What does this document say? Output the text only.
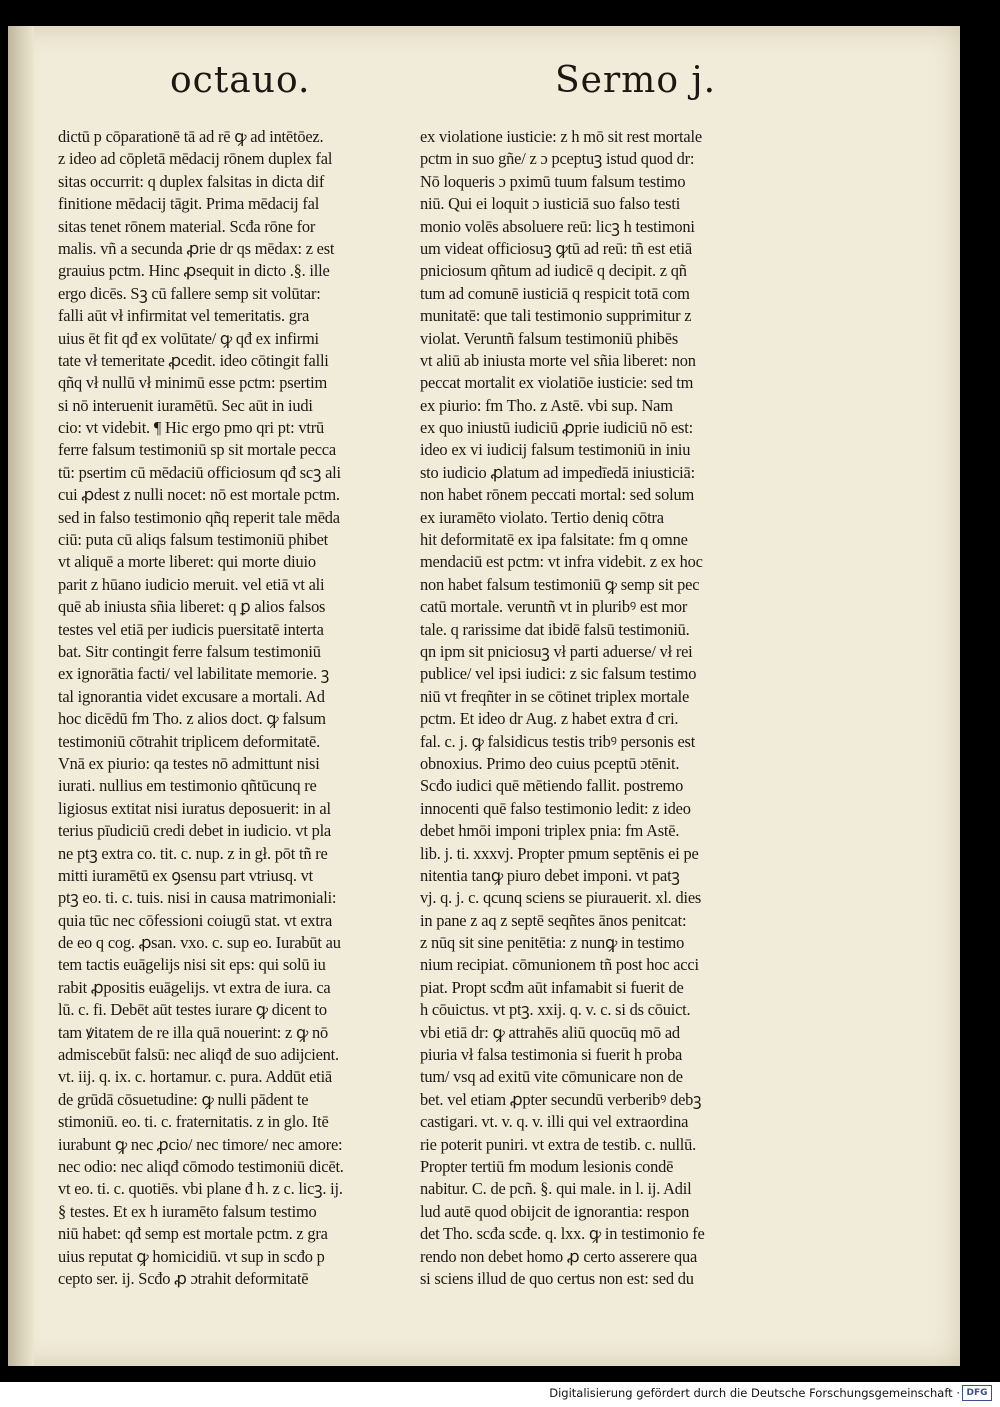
octauo.	Sermo j.
dictū p cōparationē tā ad rē ꝙ ad intētōez.
z ideo ad cōpletā mēdacij rōnem duplex fal
sitas occurrit: q duplex falsitas in dicta dif
finitione mēdacij tāgit. Prima mēdacij fal
sitas tenet rōnem material. Scđa rōne for
malis. vñ a secunda ꝓrie dr qs mēdax: z est
grauius pctm. Hinc ꝓsequit in dicto .§. ille
ergo dicēs. Sꝫ cū fallere semp sit volūtar:
falli aūt vł infirmitat vel temeritatis. gra
uius ēt fit qđ ex volūtate/ ꝙ qđ ex infirmi
tate vł temeritate ꝓcedit. ideo cōtingit falli
qñq vł nullū vł minimū esse pctm: psertim
si nō interuenit iuramētū. Sec aūt in iudi
cio: vt videbit. ¶ Hic ergo pmo qri pt: vtrū
ferre falsum testimoniū sp sit mortale pecca
tū: psertim cū mēdaciū officiosum qđ scꝫ ali
cui ꝓdest z nulli nocet: nō est mortale pctm.
sed in falso testimonio qñq reperit tale mēda
ciū: puta cū aliqs falsum testimoniū phibet
vt aliquē a morte liberet: qui morte diuio
parit z hūano iudicio meruit. vel etiā vt ali
quē ab iniusta sñia liberet: q ꝑ alios falsos
testes vel etiā per iudicis puersitatē interta
bat. Sitr contingit ferre falsum testimoniū
ex ignorātia facti/ vel labilitate memorie. ꝫ
tal ignorantia videt excusare a mortali. Ad
hoc dicēdū fm Tho. z alios doct. ꝙ falsum
testimoniū cōtrahit triplicem deformitatē.
Vnā ex piurio: qa testes nō admittunt nisi
iurati. nullius em testimonio qñtūcunq re
ligiosus extitat nisi iuratus deposuerit: in al
terius pīudiciū credi debet in iudicio. vt pla
ne ptꝫ extra co. tit. c. nup. z in gł. pōt tñ re
mitti iuramētū ex ꝯsensu part vtriusq. vt
ptꝫ eo. ti. c. tuis. nisi in causa matrimoniali:
quia tūc nec cōfessioni coiugū stat. vt extra
de eo q cog. ꝓsan. vxo. c. sup eo. Iurabūt au
tem tactis euāgelijs nisi sit eps: qui solū iu
rabit ꝓpositis euāgelijs. vt extra de iura. ca
lū. c. fi. Debēt aūt testes iurare ꝙ dicent to
tam ꝟitatem de re illa quā nouerint: z ꝙ nō
admiscebūt falsū: nec aliqđ de suo adijcient.
vt. iij. q. ix. c. hortamur. c. pura. Addūt etiā
de grūdā cōsuetudine: ꝙ nulli pādent te
stimoniū. eo. ti. c. fraternitatis. z in glo. Itē
iurabunt ꝙ nec ꝓcio/ nec timore/ nec amore:
nec odio: nec aliqđ cōmodo testimoniū dicēt.
vt eo. ti. c. quotiēs. vbi plane đ h. z c. licꝫ. ij.
§ testes. Et ex h iuramēto falsum testimo
niū habet: qđ semp est mortale pctm. z gra
uius reputat ꝙ homicidiū. vt sup in scđo p
cepto ser. ij. Scđo ꝓ ɔtrahit deformitatē
ex violatione iusticie: z h mō sit rest mortale
pctm in suo gñe/ z ɔ pceptuꝫ istud quod dr:
Nō loqueris ɔ pximū tuum falsum testimo
niū. Qui ei loquit ɔ iusticiā suo falso testi
monio volēs absoluere reū: licꝫ h testimoni
um videat officiosuꝫ ꝙtū ad reū: tñ est etiā
pniciosum qñtum ad iudicē q decipit. z qñ
tum ad comunē iusticiā q respicit totā com
munitatē: que tali testimonio supprimitur z
violat. Veruntñ falsum testimoniū phibēs
vt aliū ab iniusta morte vel sñia liberet: non
peccat mortalit ex violatiōe iusticie: sed tm
ex piurio: fm Tho. z Astē. vbi sup. Nam
ex quo iniustū iudiciū ꝓprie iudiciū nō est:
ideo ex vi iudicij falsum testimoniū in iniu
sto iudicio ꝓlatum ad impedīedā iniusticiā:
non habet rōnem peccati mortal: sed solum
ex iuramēto violato. Tertio deniq cōtra
hit deformitatē ex ipa falsitate: fm q omne
mendaciū est pctm: vt infra videbit. z ex hoc
non habet falsum testimoniū ꝙ semp sit pec
catū mortale. veruntñ vt in pluribꝰ est mor
tale. q rarissime dat ibidē falsū testimoniū.
qn ipm sit pniciosuꝫ vł parti aduerse/ vł rei
publice/ vel ipsi iudici: z sic falsum testimo
niū vt freqñter in se cōtinet triplex mortale
pctm. Et ideo dr Aug. z habet extra đ cri.
fal. c. j. ꝙ falsidicus testis tribꝰ personis est
obnoxius. Primo deo cuius pceptū ɔtēnit.
Scđo iudici quē mētiendo fallit. postremo
innocenti quē falso testimonio ledit: z ideo
debet hmōi imponi triplex pnia: fm Astē.
lib. j. ti. xxxvj. Propter pmum septēnis ei pe
nitentia tanꝙ piuro debet imponi. vt patꝫ
vj. q. j. c. qcunq sciens se piurauerit. xl. dies
in pane z aq z septē seqñtes ānos penitcat:
z nūq sit sine penitētia: z nunꝙ in testimo
nium recipiat. cōmunionem tñ post hoc acci
piat. Propt scđm aūt infamabit si fuerit de
h cōuictus. vt ptꝫ. xxij. q. v. c. si ds cōuict.
vbi etiā dr: ꝙ attrahēs aliū quocūq mō ad
piuria vł falsa testimonia si fuerit h proba
tum/ vsq ad exitū vite cōmunicare non de
bet. vel etiam ꝓpter secundū verberibꝰ debꝫ
castigari. vt. v. q. v. illi qui vel extraordina
rie poterit puniri. vt extra de testib. c. nullū.
Propter tertiū fm modum lesionis condē
nabitur. C. de pcñ. §. qui male. in l. ij. Adil
lud autē quod obijcit de ignorantia: respon
det Tho. scđa scđe. q. lxx. ꝙ in testimonio fe
rendo non debet homo ꝓ certo asserere qua
si sciens illud de quo certus non est: sed du
Digitalisierung gefördert durch die Deutsche Forschungsgemeinschaft · DFG
